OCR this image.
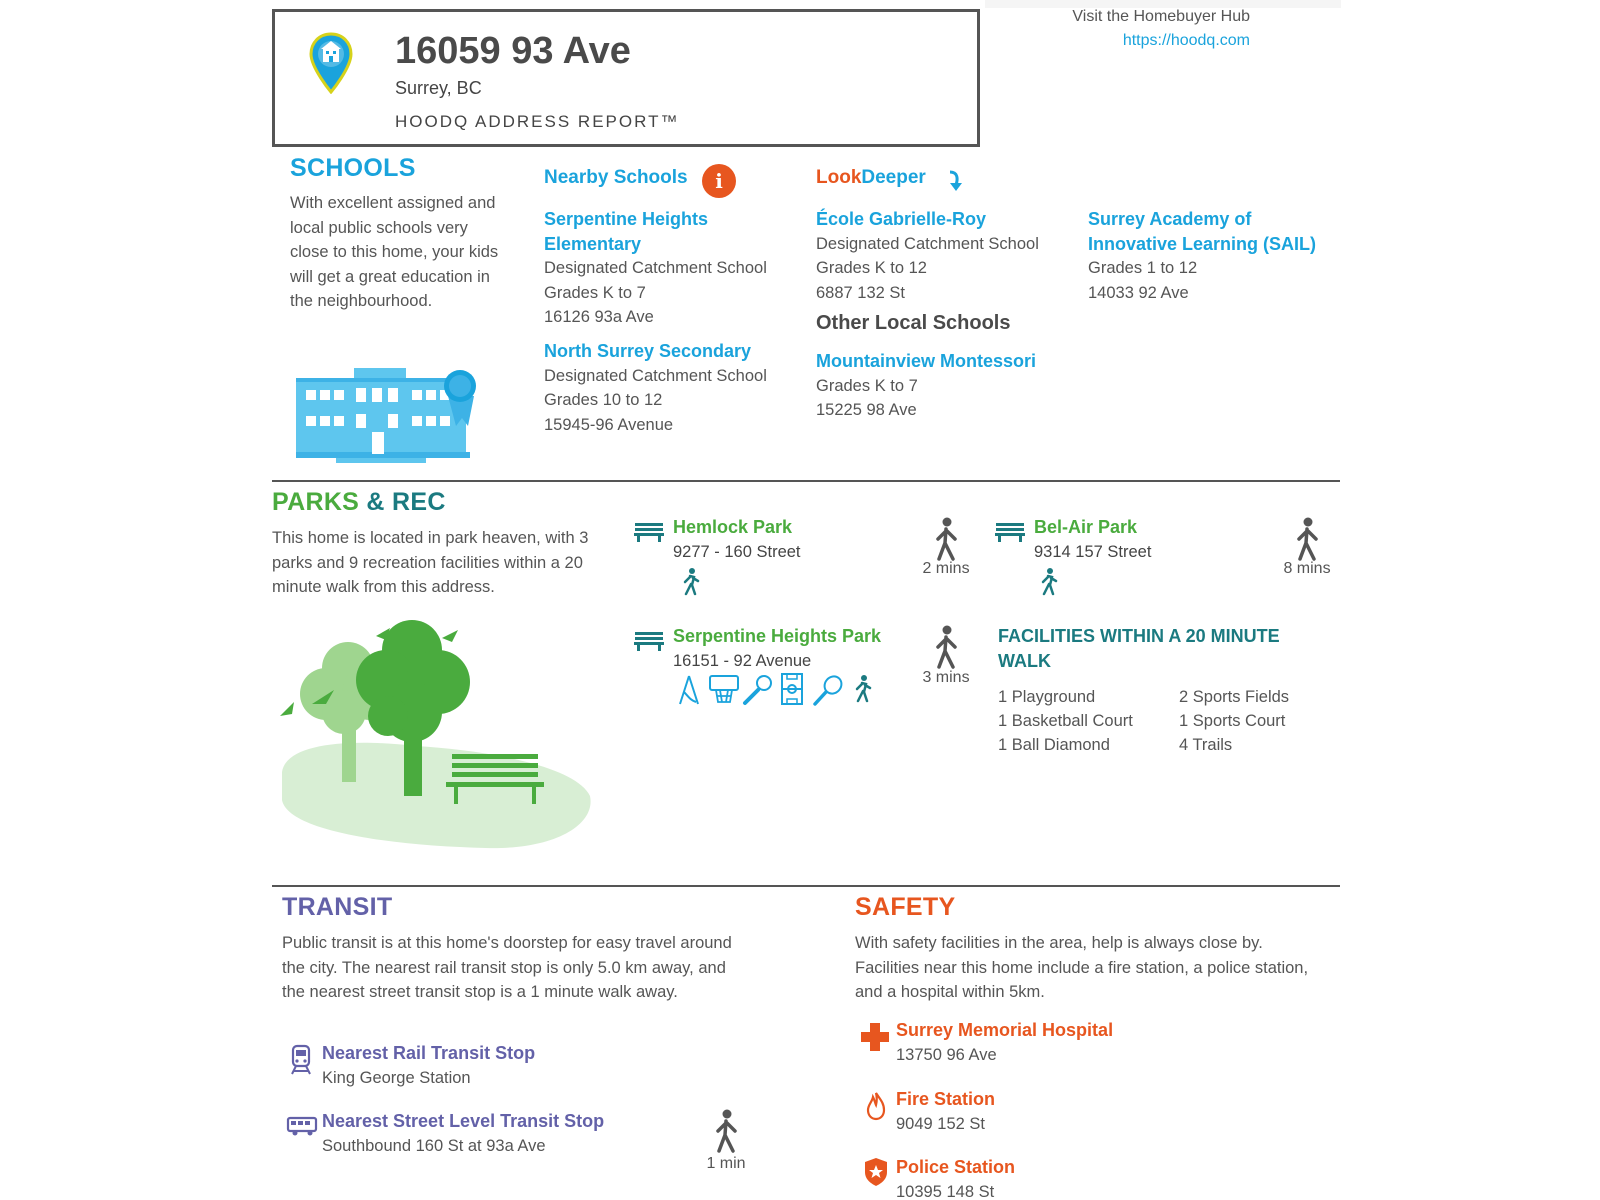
16059 93 Ave
Surrey, BC
HOODQ ADDRESS REPORT™
Visit the Homebuyer Hub
https://hoodq.com
SCHOOLS
With excellent assigned and local public schools very close to this home, your kids will get a great education in the neighbourhood.
Nearby Schools	i
Serpentine Heights Elementary
Designated Catchment School
Grades K to 7
16126 93a Ave
North Surrey Secondary
Designated Catchment School
Grades 10 to 12
15945-96 Avenue
LookDeeper
École Gabrielle-Roy
Designated Catchment School
Grades K to 12
6887 132 St
Other Local Schools
Mountainview Montessori
Grades K to 7
15225 98 Ave
Surrey Academy of Innovative Learning (SAIL)
Grades 1 to 12
14033 92 Ave
PARKS & REC
This home is located in park heaven, with 3 parks and 9 recreation facilities within a 20 minute walk from this address.
Hemlock Park
9277 - 160 Street
2 mins
Bel-Air Park
9314 157 Street
8 mins
Serpentine Heights Park
16151 - 92 Avenue
3 mins
FACILITIES WITHIN A 20 MINUTE WALK
1 Playground	2 Sports Fields
1 Basketball Court	1 Sports Court
1 Ball Diamond	4 Trails
TRANSIT
Public transit is at this home's doorstep for easy travel around the city. The nearest rail transit stop is only 5.0 km away, and the nearest street transit stop is a 1 minute walk away.
Nearest Rail Transit Stop
King George Station
Nearest Street Level Transit Stop
Southbound 160 St at 93a Ave
1 min
SAFETY
With safety facilities in the area, help is always close by. Facilities near this home include a fire station, a police station, and a hospital within 5km.
Surrey Memorial Hospital
13750 96 Ave
Fire Station
9049 152 St
Police Station
10395 148 St
